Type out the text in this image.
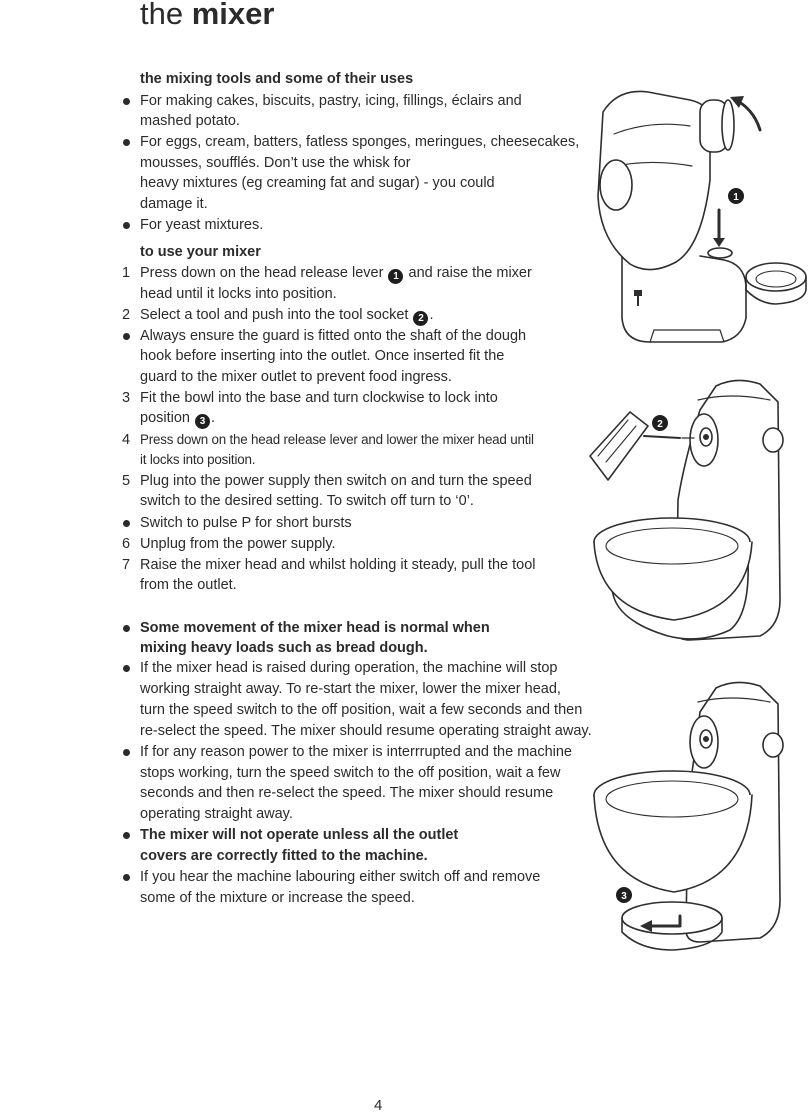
the mixer
the mixing tools and some of their uses
For making cakes, biscuits, pastry, icing, fillings, éclairs and
mashed potato.
For eggs, cream, batters, fatless sponges, meringues, cheesecakes,
mousses, soufflés. Don’t use the whisk for
heavy mixtures (eg creaming fat and sugar) - you could
damage it.
For yeast mixtures.
to use your mixer
1 Press down on the head release lever 1 and raise the mixer
head until it locks into position.
2 Select a tool and push into the tool socket 2 .
Always ensure the guard is fitted onto the shaft of the dough
hook before inserting into the outlet. Once inserted fit the
guard to the mixer outlet to prevent food ingress.
3 Fit the bowl into the base and turn clockwise to lock into
position 3 .
4 Press down on the head release lever and lower the mixer head until
it locks into position.
5 Plug into the power supply then switch on and turn the speed
switch to the desired setting. To switch off turn to ‘0’.
Switch to pulse P for short bursts
6 Unplug from the power supply.
7 Raise the mixer head and whilst holding it steady, pull the tool
from the outlet.
Some movement of the mixer head is normal when
mixing heavy loads such as bread dough.
If the mixer head is raised during operation, the machine will stop
working straight away. To re-start the mixer, lower the mixer head,
turn the speed switch to the off position, wait a few seconds and then
re-select the speed. The mixer should resume operating straight away.
If for any reason power to the mixer is interrrupted and the machine
stops working, turn the speed switch to the off position, wait a few
seconds and then re-select the speed. The mixer should resume
operating straight away.
The mixer will not operate unless all the outlet
covers are correctly fitted to the machine.
If you hear the machine labouring either switch off and remove
some of the mixture or increase the speed.
1
2
3
4
